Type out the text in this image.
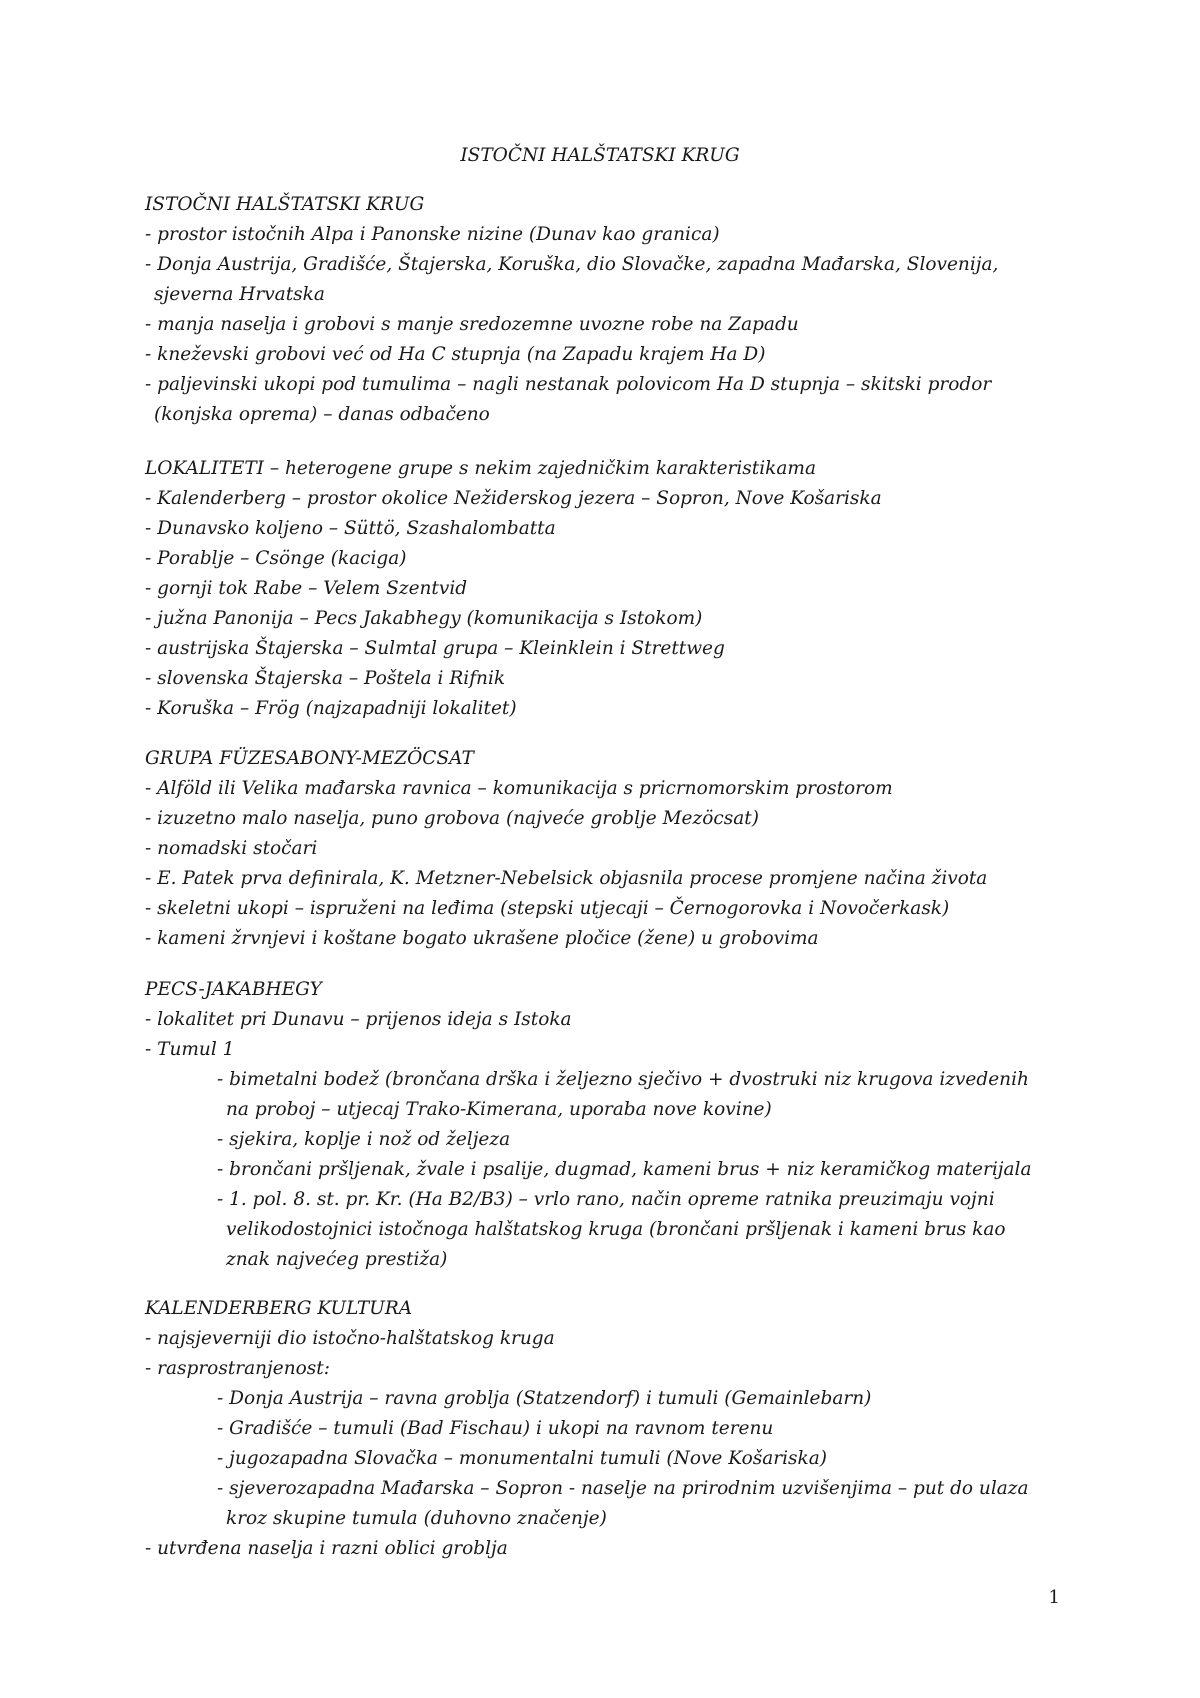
ISTOČNI HALŠTATSKI KRUG
ISTOČNI HALŠTATSKI KRUG
- prostor istočnih Alpa i Panonske nizine (Dunav kao granica)
- Donja Austrija, Gradišće, Štajerska, Koruška, dio Slovačke, zapadna Mađarska, Slovenija,
sjeverna Hrvatska
- manja naselja i grobovi s manje sredozemne uvozne robe na Zapadu
- kneževski grobovi već od Ha C stupnja (na Zapadu krajem Ha D)
- paljevinski ukopi pod tumulima – nagli nestanak polovicom Ha D stupnja – skitski prodor
(konjska oprema) – danas odbačeno
LOKALITETI – heterogene grupe s nekim zajedničkim karakteristikama
- Kalenderberg – prostor okolice Nežiderskog jezera – Sopron, Nove Košariska
- Dunavsko koljeno – Süttö, Szashalombatta
- Porablje – Csönge (kaciga)
- gornji tok Rabe – Velem Szentvid
- južna Panonija – Pecs Jakabhegy (komunikacija s Istokom)
- austrijska Štajerska – Sulmtal grupa – Kleinklein i Strettweg
- slovenska Štajerska – Poštela i Rifnik
- Koruška – Frög (najzapadniji lokalitet)
GRUPA FÜZESABONY-MEZÖCSAT
- Alföld ili Velika mađarska ravnica – komunikacija s pricrnomorskim prostorom
- izuzetno malo naselja, puno grobova (najveće groblje Mezöcsat)
- nomadski stočari
- E. Patek prva definirala, K. Metzner-Nebelsick objasnila procese promjene načina života
- skeletni ukopi – ispruženi na leđima (stepski utjecaji – Černogorovka i Novočerkask)
- kameni žrvnjevi i koštane bogato ukrašene pločice (žene) u grobovima
PECS-JAKABHEGY
- lokalitet pri Dunavu – prijenos ideja s Istoka
- Tumul 1
- bimetalni bodež (brončana drška i željezno sječivo + dvostruki niz krugova izvedenih
na proboj – utjecaj Trako-Kimerana, uporaba nove kovine)
- sjekira, koplje i nož od željeza
- brončani pršljenak, žvale i psalije, dugmad, kameni brus + niz keramičkog materijala
- 1. pol. 8. st. pr. Kr. (Ha B2/B3) – vrlo rano, način opreme ratnika preuzimaju vojni
velikodostojnici istočnoga halštatskog kruga (brončani pršljenak i kameni brus kao
znak najvećeg prestiža)
KALENDERBERG KULTURA
- najsjeverniji dio istočno-halštatskog kruga
- rasprostranjenost:
- Donja Austrija – ravna groblja (Statzendorf) i tumuli (Gemainlebarn)
- Gradišće – tumuli (Bad Fischau) i ukopi na ravnom terenu
- jugozapadna Slovačka – monumentalni tumuli (Nove Košariska)
- sjeverozapadna Mađarska – Sopron - naselje na prirodnim uzvišenjima – put do ulaza
kroz skupine tumula (duhovno značenje)
- utvrđena naselja i razni oblici groblja
1
